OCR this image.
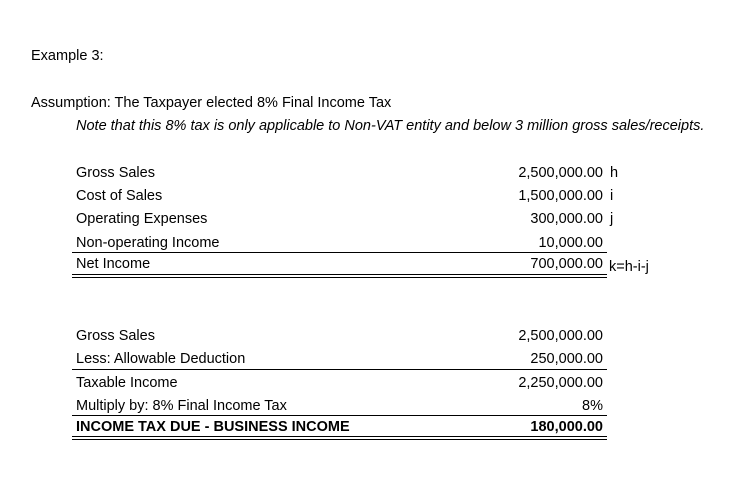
Example 3:
Assumption: The Taxpayer elected 8% Final Income Tax
Note that this 8% tax is only applicable to Non-VAT entity and below 3 million gross sales/receipts.
Gross Sales	2,500,000.00 h
Cost of Sales	1,500,000.00 i
Operating Expenses	300,000.00 j
Non-operating Income	10,000.00
Net Income	700,000.00 k=h-i-j
Gross Sales	2,500,000.00
Less: Allowable Deduction	250,000.00
Taxable Income	2,250,000.00
Multiply by: 8% Final Income Tax	8%
INCOME TAX DUE - BUSINESS INCOME	180,000.00
